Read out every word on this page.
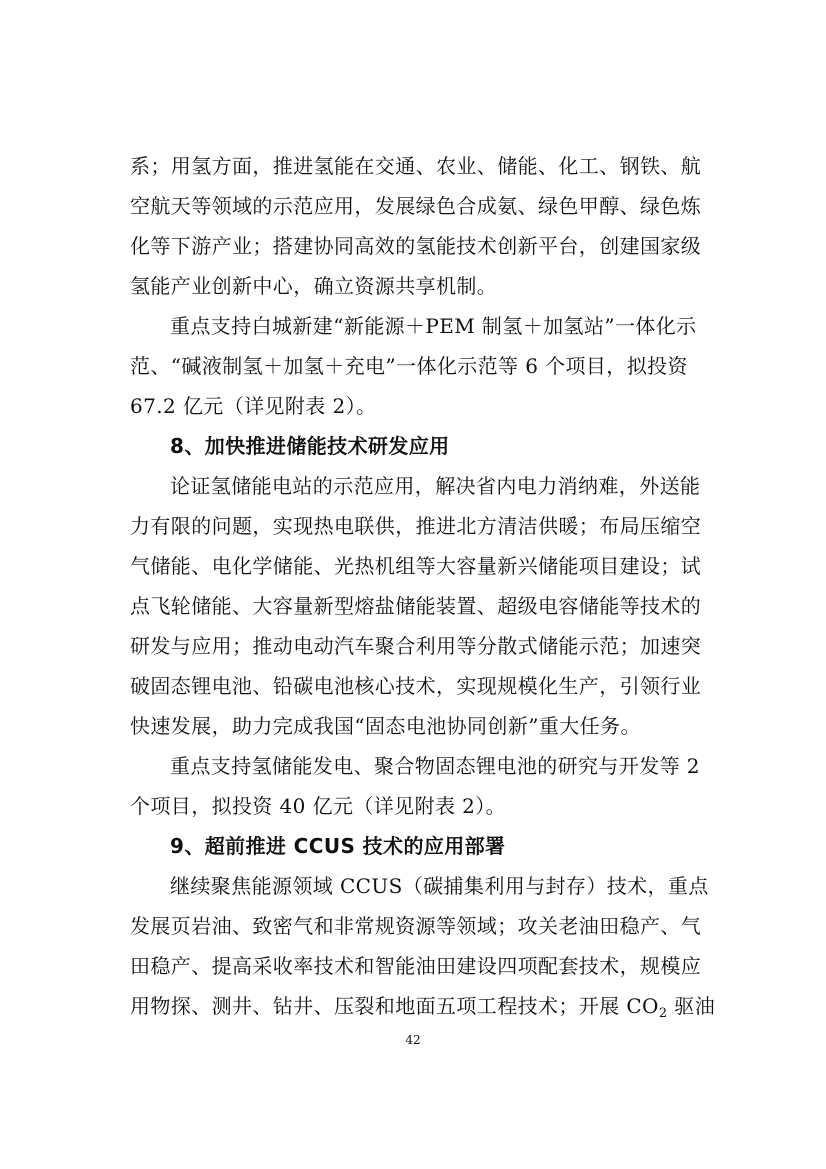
系；用氢方面，推进氢能在交通、农业、储能、化工、钢铁、航
空航天等领域的示范应用，发展绿色合成氨、绿色甲醇、绿色炼
化等下游产业；搭建协同高效的氢能技术创新平台，创建国家级
氢能产业创新中心，确立资源共享机制。
重点支持白城新建“新能源＋PEM 制氢＋加氢站”一体化示
范、“碱液制氢＋加氢＋充电”一体化示范等 6 个项目，拟投资
67.2 亿元（详见附表 2）。
8、加快推进储能技术研发应用
论证氢储能电站的示范应用，解决省内电力消纳难，外送能
力有限的问题，实现热电联供，推进北方清洁供暖；布局压缩空
气储能、电化学储能、光热机组等大容量新兴储能项目建设；试
点飞轮储能、大容量新型熔盐储能装置、超级电容储能等技术的
研发与应用；推动电动汽车聚合利用等分散式储能示范；加速突
破固态锂电池、铅碳电池核心技术，实现规模化生产，引领行业
快速发展，助力完成我国“固态电池协同创新”重大任务。
重点支持氢储能发电、聚合物固态锂电池的研究与开发等 2
个项目，拟投资 40 亿元（详见附表 2）。
9、超前推进 CCUS 技术的应用部署
继续聚焦能源领域 CCUS（碳捕集利用与封存）技术，重点
发展页岩油、致密气和非常规资源等领域；攻关老油田稳产、气
田稳产、提高采收率技术和智能油田建设四项配套技术，规模应
用物探、测井、钻井、压裂和地面五项工程技术；开展 $CO_2$ 驱油
42
